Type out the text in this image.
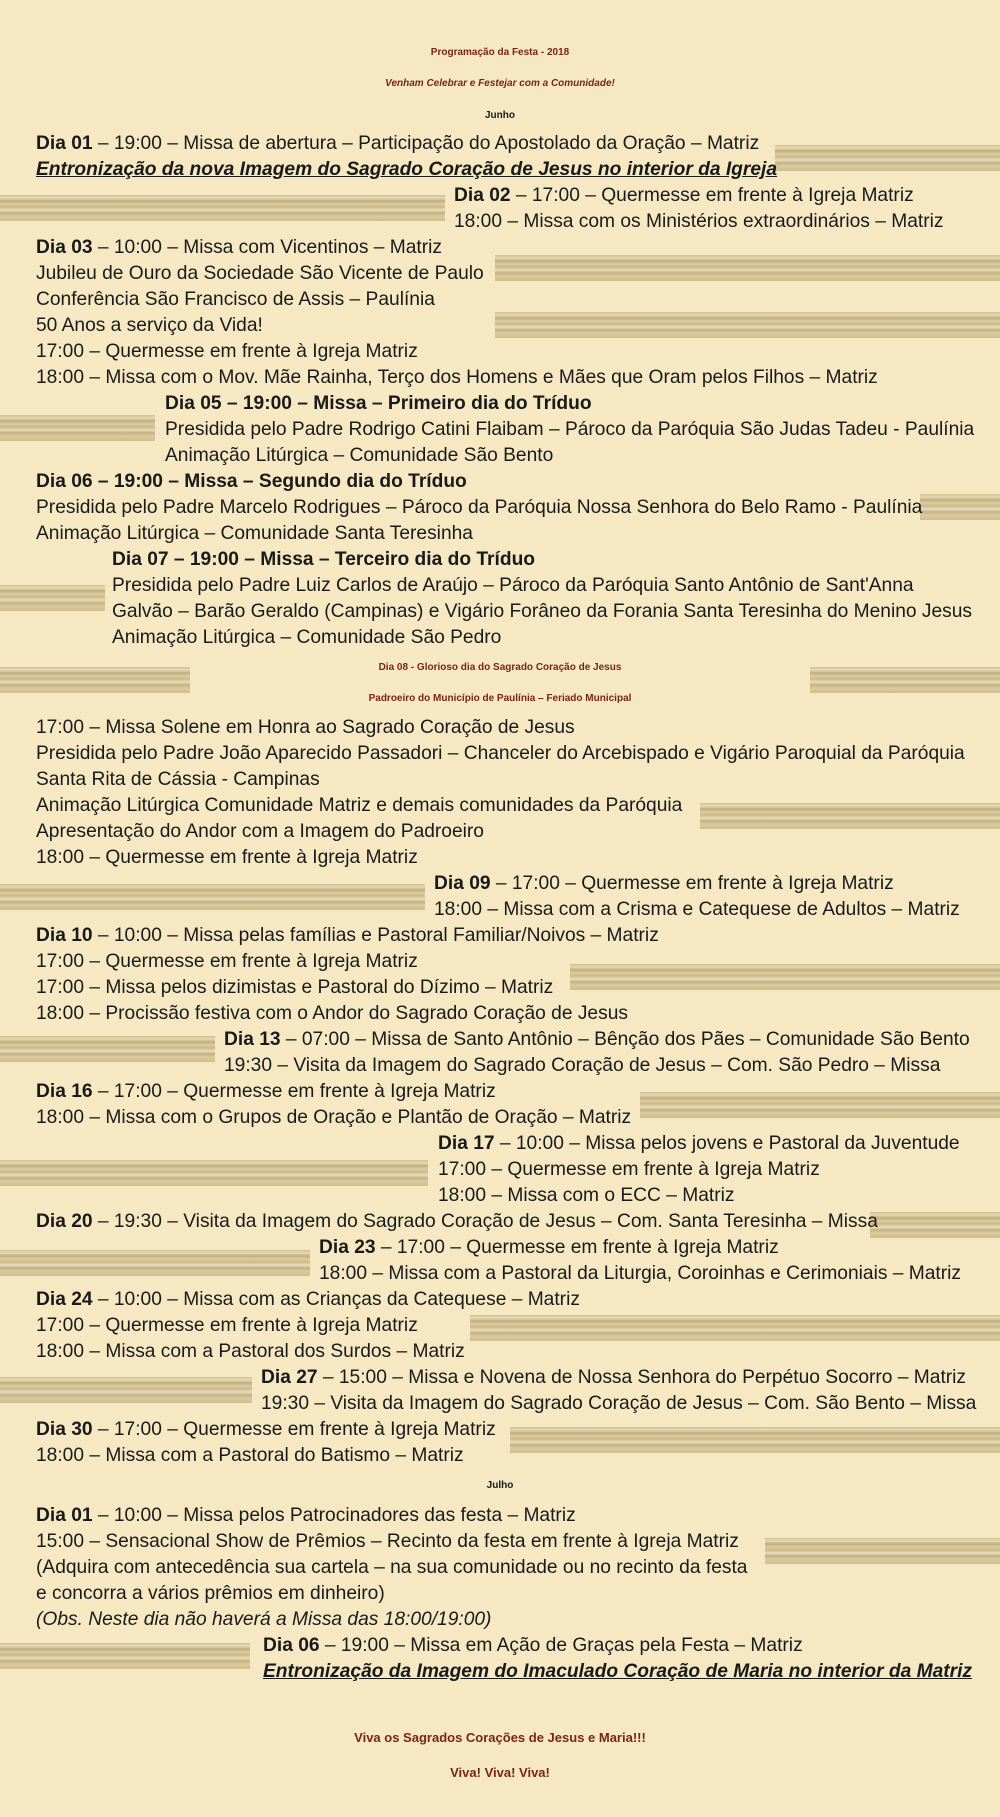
Programação da Festa - 2018
Venham Celebrar e Festejar com a Comunidade!
Junho

Dia 01 – 19:00 – Missa de abertura – Participação do Apostolado da Oração – Matriz

Entronização da nova Imagem do Sagrado Coração de Jesus no interior da Igreja

Dia 02 – 17:00 – Quermesse em frente à Igreja Matriz

18:00 – Missa com os Ministérios extraordinários – Matriz

Dia 03 – 10:00 – Missa com Vicentinos – Matriz

Jubileu de Ouro da Sociedade São Vicente de Paulo

Conferência São Francisco de Assis – Paulínia

50 Anos a serviço da Vida!

17:00 – Quermesse em frente à Igreja Matriz

18:00 – Missa com o Mov. Mãe Rainha, Terço dos Homens e Mães que Oram pelos Filhos – Matriz

Dia 05 – 19:00 – Missa – Primeiro dia do Tríduo

Presidida pelo Padre Rodrigo Catini Flaibam – Pároco da Paróquia São Judas Tadeu - Paulínia

Animação Litúrgica – Comunidade São Bento

Dia 06 – 19:00 – Missa – Segundo dia do Tríduo

Presidida pelo Padre Marcelo Rodrigues – Pároco da Paróquia Nossa Senhora do Belo Ramo - Paulínia

Animação Litúrgica – Comunidade Santa Teresinha

Dia 07 – 19:00 – Missa – Terceiro dia do Tríduo

Presidida pelo Padre Luiz Carlos de Araújo – Pároco da Paróquia Santo Antônio de Sant'Anna

Galvão – Barão Geraldo (Campinas) e Vigário Forâneo da Forania Santa Teresinha do Menino Jesus

Animação Litúrgica – Comunidade São Pedro

Dia 08 - Glorioso dia do Sagrado Coração de Jesus
Padroeiro do Município de Paulínia – Feriado Municipal

17:00 – Missa Solene em Honra ao Sagrado Coração de Jesus

Presidida pelo Padre João Aparecido Passadori – Chanceler do Arcebispado e Vigário Paroquial da Paróquia

Santa Rita de Cássia - Campinas

Animação Litúrgica Comunidade Matriz e demais comunidades da Paróquia

Apresentação do Andor com a Imagem do Padroeiro

18:00 – Quermesse em frente à Igreja Matriz

Dia 09 – 17:00 – Quermesse em frente à Igreja Matriz

18:00 – Missa com a Crisma e Catequese de Adultos – Matriz

Dia 10 – 10:00 – Missa pelas famílias e Pastoral Familiar/Noivos – Matriz

17:00 – Quermesse em frente à Igreja Matriz

17:00 – Missa pelos dizimistas e Pastoral do Dízimo – Matriz

18:00 – Procissão festiva com o Andor do Sagrado Coração de Jesus

Dia 13 – 07:00 – Missa de Santo Antônio – Bênção dos Pães – Comunidade São Bento

19:30 – Visita da Imagem do Sagrado Coração de Jesus – Com. São Pedro – Missa

Dia 16 – 17:00 – Quermesse em frente à Igreja Matriz

18:00 – Missa com o Grupos de Oração e Plantão de Oração – Matriz

Dia 17 – 10:00 – Missa pelos jovens e Pastoral da Juventude

17:00 – Quermesse em frente à Igreja Matriz

18:00 – Missa com o ECC – Matriz

Dia 20 – 19:30 – Visita da Imagem do Sagrado Coração de Jesus – Com. Santa Teresinha – Missa

Dia 23 – 17:00 – Quermesse em frente à Igreja Matriz

18:00 – Missa com a Pastoral da Liturgia, Coroinhas e Cerimoniais – Matriz

Dia 24 – 10:00 – Missa com as Crianças da Catequese – Matriz

17:00 – Quermesse em frente à Igreja Matriz

18:00 – Missa com a Pastoral dos Surdos – Matriz

Dia 27 – 15:00 – Missa e Novena de Nossa Senhora do Perpétuo Socorro – Matriz

19:30 – Visita da Imagem do Sagrado Coração de Jesus – Com. São Bento – Missa

Dia 30 – 17:00 – Quermesse em frente à Igreja Matriz

18:00 – Missa com a Pastoral do Batismo – Matriz

Julho

Dia 01 – 10:00 – Missa pelos Patrocinadores das festa – Matriz

15:00 – Sensacional Show de Prêmios – Recinto da festa em frente à Igreja Matriz

(Adquira com antecedência sua cartela – na sua comunidade ou no recinto da festa

e concorra a vários prêmios em dinheiro)

(Obs. Neste dia não haverá a Missa das 18:00/19:00)

Dia 06 – 19:00 – Missa em Ação de Graças pela Festa – Matriz

Entronização da Imagem do Imaculado Coração de Maria no interior da Matriz

Viva os Sagrados Corações de Jesus e Maria!!!
Viva! Viva! Viva!
